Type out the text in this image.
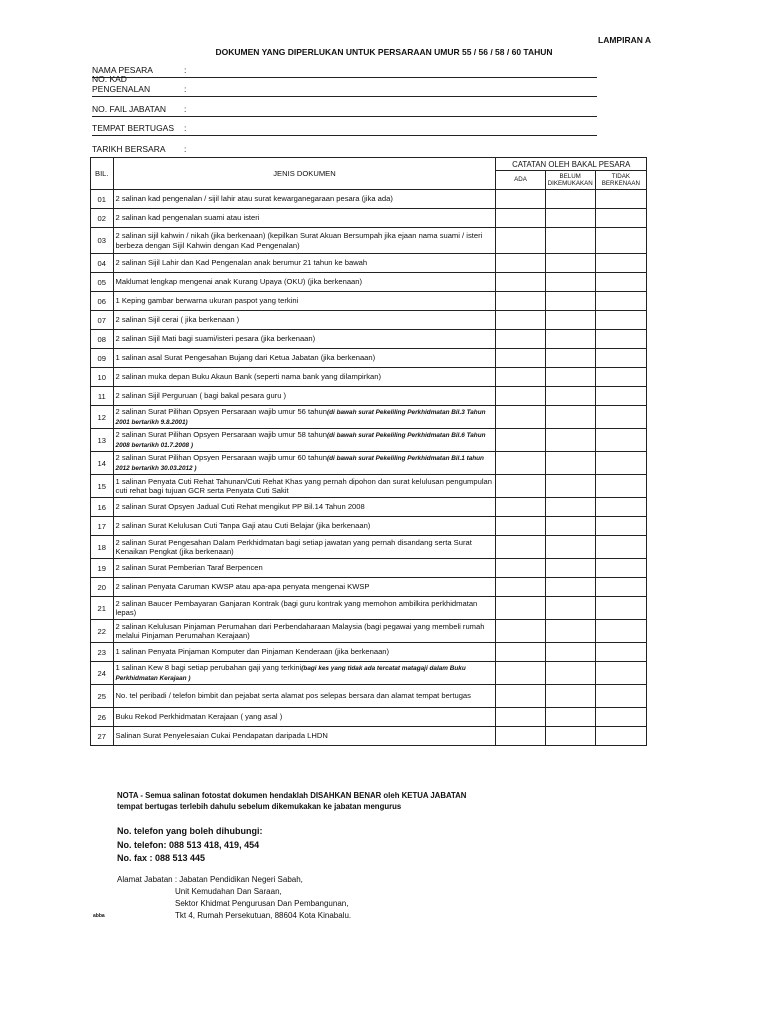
LAMPIRAN A
DOKUMEN YANG DIPERLUKAN UNTUK PERSARAAN UMUR 55 / 56 / 58 / 60 TAHUN
NAMA PESARA	:
NO. KAD PENGENALAN	:
NO. FAIL JABATAN	:
TEMPAT BERTUGAS	:
TARIKH BERSARA	:
BIL.	JENIS DOKUMEN	CATATAN OLEH BAKAL PESARA		
		ADA	BELUM DIKEMUKAKAN	TIDAK BERKENAAN
01	2 salinan kad pengenalan / sijil lahir atau surat kewarganegaraan pesara (jika ada)			
02	2 salinan kad pengenalan suami atau isteri			
03	2 salinan sijil kahwin / nikah (jika berkenaan) (kepilkan Surat Akuan Bersumpah jika ejaan nama suami / isteri berbeza dengan Sijil Kahwin dengan Kad Pengenalan)			
04	2 salinan Sijil Lahir dan Kad Pengenalan anak berumur 21 tahun ke bawah			
05	Maklumat lengkap mengenai anak Kurang Upaya (OKU) (jika berkenaan)			
06	1 Keping gambar berwarna ukuran paspot yang terkini			
07	2 salinan Sijil cerai ( jika berkenaan )			
08	2 salinan Sijil Mati bagi suami/isteri pesara (jika berkenaan)			
09	1 salinan asal Surat Pengesahan Bujang dari Ketua Jabatan (jika berkenaan)			
10	2 salinan muka depan Buku Akaun Bank (seperti nama bank yang dilampirkan)			
11	2 salinan Sijil Perguruan ( bagi bakal pesara guru )			
12	2 salinan Surat Pilihan Opsyen Persaraan wajib umur 56 tahun(di bawah surat Pekeliling Perkhidmatan Bil.3 Tahun 2001 bertarikh 9.8.2001)			
13	2 salinan Surat Pilihan Opsyen Persaraan wajib umur 58 tahun(di bawah surat Pekeliling Perkhidmatan Bil.6 Tahun 2008 bertarikh 01.7.2008 )			
14	2 salinan Surat Pilihan Opsyen Persaraan wajib umur 60 tahun(di bawah surat Pekeliling Perkhidmatan Bil.1 tahun 2012 bertarikh 30.03.2012 )			
15	1 salinan Penyata Cuti Rehat Tahunan/Cuti Rehat Khas yang pernah dipohon dan surat kelulusan pengumpulan cuti rehat bagi tujuan GCR serta Penyata Cuti Sakit			
16	2 salinan Surat Opsyen Jadual Cuti Rehat mengikut PP Bil.14 Tahun 2008			
17	2 salinan Surat Kelulusan Cuti Tanpa Gaji atau Cuti Belajar (jika berkenaan)			
18	2 salinan Surat Pengesahan Dalam Perkhidmatan bagi setiap jawatan yang pernah disandang serta Surat Kenaikan Pengkat (jika berkenaan)			
19	2 salinan Surat Pemberian Taraf Berpencen			
20	2 salinan Penyata Caruman KWSP atau apa-apa penyata mengenai KWSP			
21	2 salinan Baucer Pembayaran Ganjaran Kontrak (bagi guru kontrak yang memohon ambilkira perkhidmatan lepas)			
22	2 salinan Kelulusan Pinjaman Perumahan dari Perbendaharaan Malaysia (bagi pegawai yang membeli rumah melalui Pinjaman Perumahan Kerajaan)			
23	1 salinan Penyata Pinjaman Komputer dan Pinjaman Kenderaan (jika berkenaan)			
24	1 salinan Kew 8 bagi setiap perubahan gaji yang terkini(bagi kes yang tidak ada tercatat matagaji dalam Buku Perkhidmatan Kerajaan )			
25	No. tel peribadi / telefon bimbit dan pejabat serta alamat pos selepas bersara dan alamat tempat bertugas			
26	Buku Rekod Perkhidmatan Kerajaan ( yang asal )			
27	Salinan Surat Penyelesaian Cukai Pendapatan daripada LHDN			
NOTA - Semua salinan fotostat dokumen hendaklah DISAHKAN BENAR oleh KETUA JABATAN
tempat bertugas terlebih dahulu sebelum dikemukakan ke jabatan mengurus
No. telefon yang boleh dihubungi:
No. telefon: 088 513 418, 419, 454
No. fax : 088 513 445
Alamat Jabatan : Jabatan Pendidikan Negeri Sabah,
Unit Kemudahan Dan Saraan,
Sektor Khidmat Pengurusan Dan Pembangunan,
Tkt 4, Rumah Persekutuan, 88604 Kota Kinabalu.
abba
